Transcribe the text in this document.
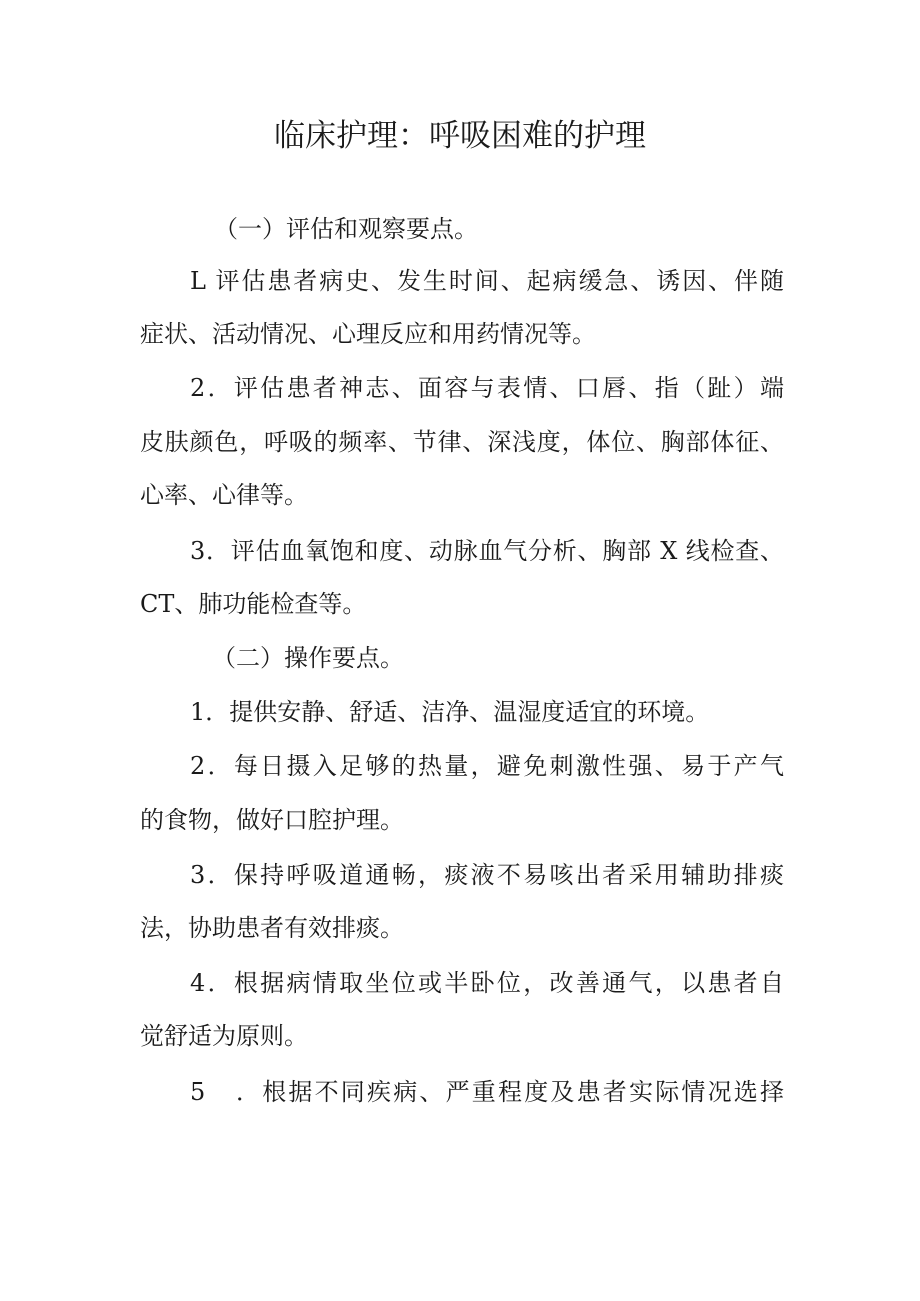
临床护理：呼吸困难的护理
（一）评估和观察要点。
L 评估患者病史、发生时间、起病缓急、诱因、伴随
症状、活动情况、心理反应和用药情况等。
2．评估患者神志、面容与表情、口唇、指（趾）端
皮肤颜色，呼吸的频率、节律、深浅度，体位、胸部体征、
心率、心律等。
3．评估血氧饱和度、动脉血气分析、胸部 X 线检查、
CT、肺功能检查等。
（二）操作要点。
1．提供安静、舒适、洁净、温湿度适宜的环境。
2．每日摄入足够的热量，避免刺激性强、易于产气
的食物，做好口腔护理。
3．保持呼吸道通畅，痰液不易咳出者采用辅助排痰
法，协助患者有效排痰。
4．根据病情取坐位或半卧位，改善通气，以患者自
觉舒适为原则。
5 ．根据不同疾病、严重程度及患者实际情况选择
